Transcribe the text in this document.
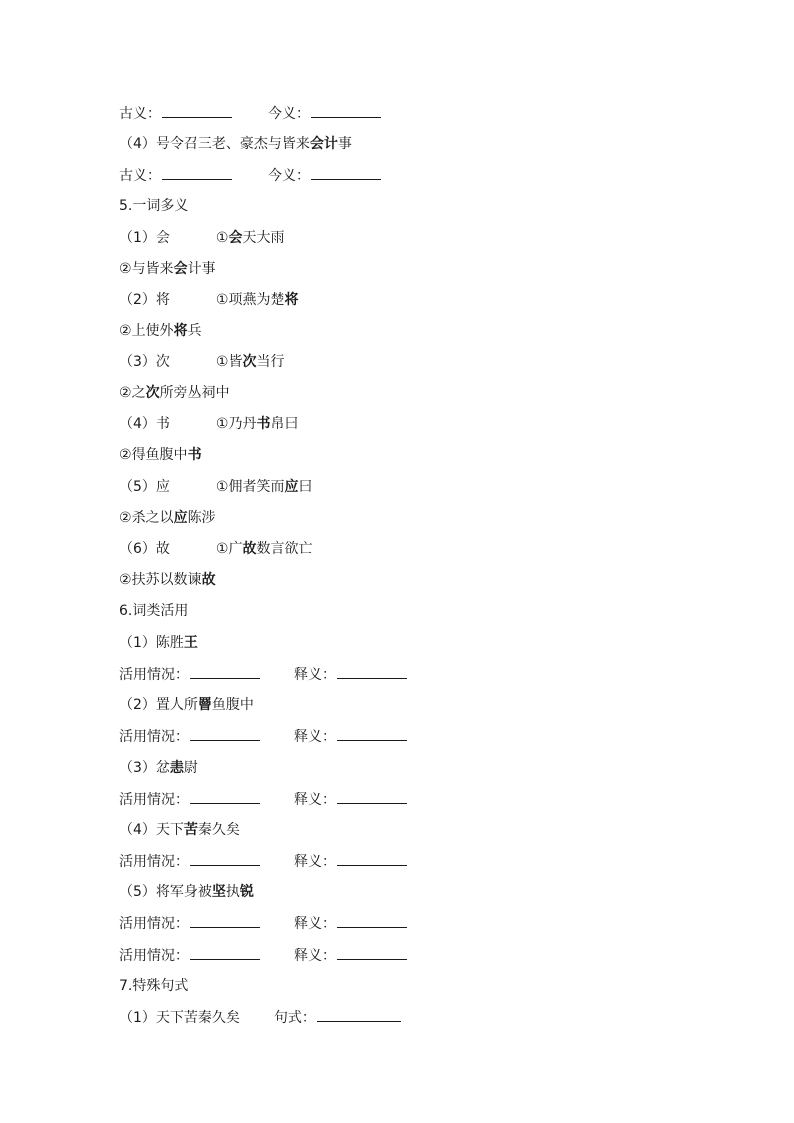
古义：	今义：
（4）号令召三老、豪杰与皆来会计事
古义：	今义：
5.一词多义
（1）会	①会天大雨
②与皆来会计事
（2）将	①项燕为楚将
②上使外将兵
（3）次	①皆次当行
②之次所旁丛祠中
（4）书	①乃丹书帛曰
②得鱼腹中书
（5）应	①佣者笑而应曰
②杀之以应陈涉
（6）故	①广故数言欲亡
②扶苏以数谏故
6.词类活用
（1）陈胜王
活用情况：	释义：
（2）置人所罾鱼腹中
活用情况：	释义：
（3）忿恚尉
活用情况：	释义：
（4）天下苦秦久矣
活用情况：	释义：
（5）将军身被坚执锐
活用情况：	释义：
活用情况：	释义：
7.特殊句式
（1）天下苦秦久矣 句式：
